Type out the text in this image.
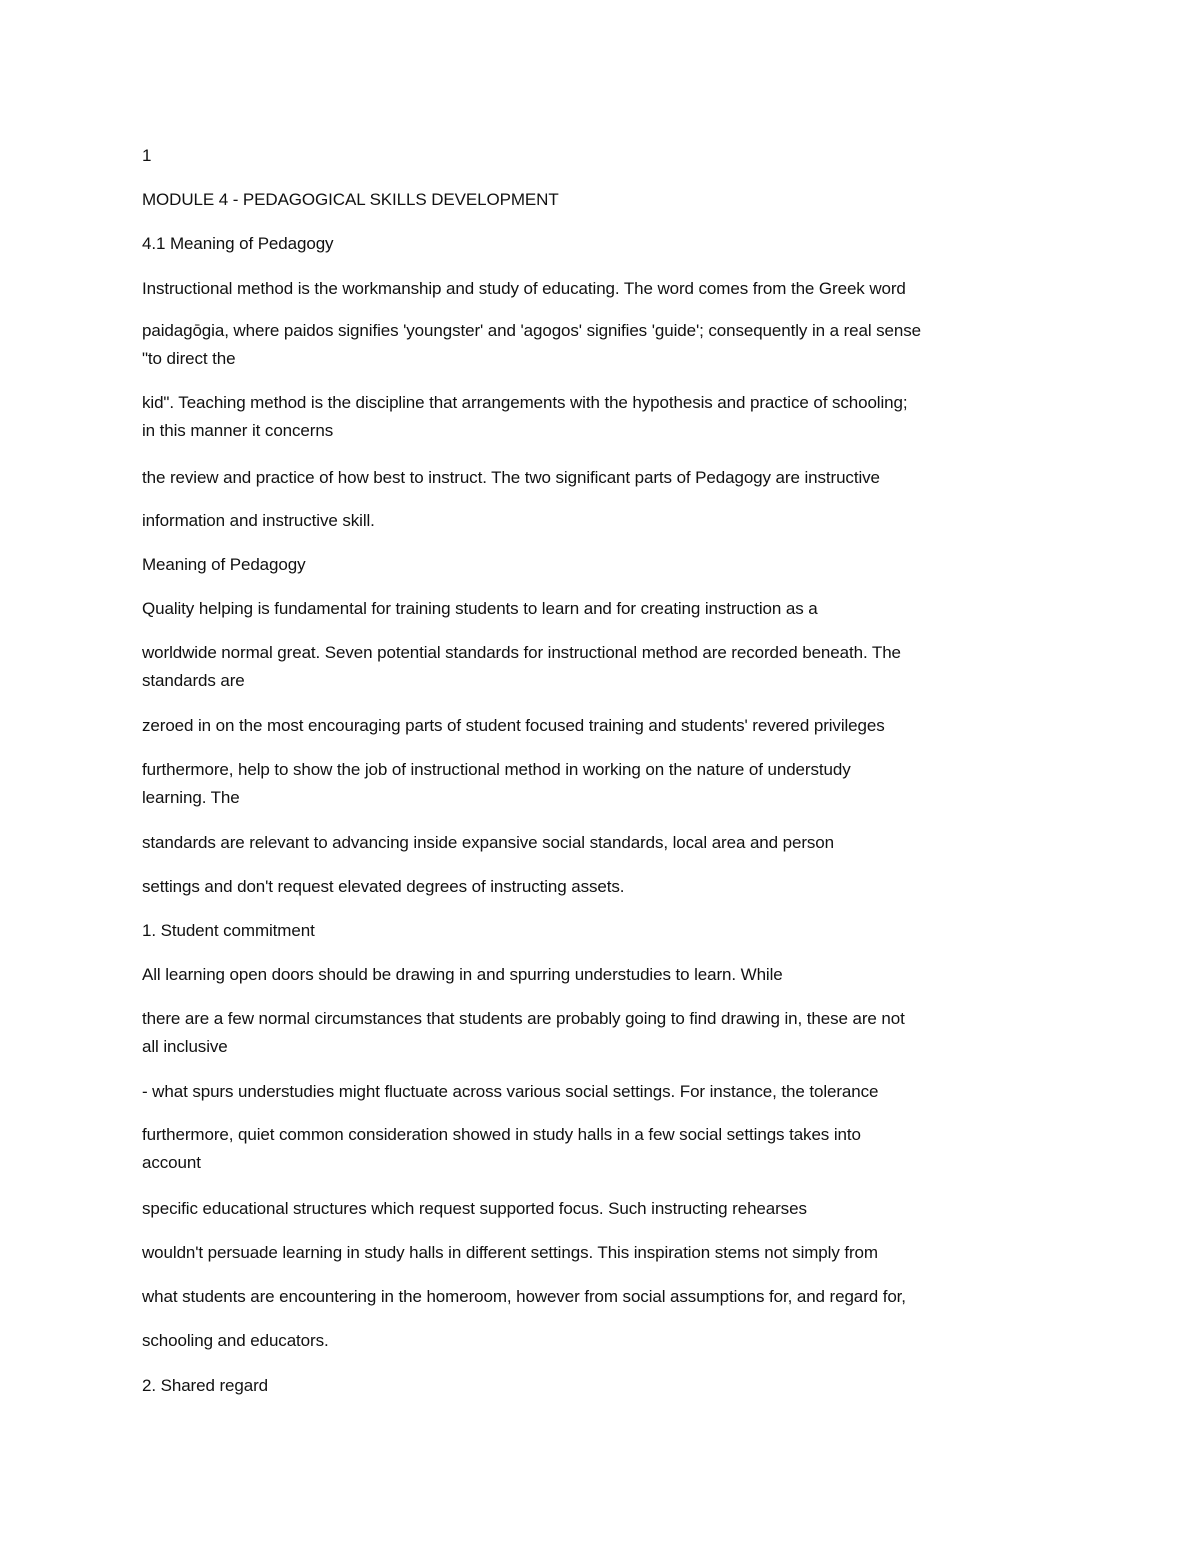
1
MODULE 4 - PEDAGOGICAL SKILLS DEVELOPMENT
4.1 Meaning of Pedagogy
Instructional method is the workmanship and study of educating. The word comes from the Greek word
paidagōgia, where paidos signifies 'youngster' and 'agogos' signifies 'guide'; consequently in a real sense
"to direct the
kid". Teaching method is the discipline that arrangements with the hypothesis and practice of schooling;
in this manner it concerns
the review and practice of how best to instruct. The two significant parts of Pedagogy are instructive
information and instructive skill.
Meaning of Pedagogy
Quality helping is fundamental for training students to learn and for creating instruction as a
worldwide normal great. Seven potential standards for instructional method are recorded beneath. The
standards are
zeroed in on the most encouraging parts of student focused training and students' revered privileges
furthermore, help to show the job of instructional method in working on the nature of understudy
learning. The
standards are relevant to advancing inside expansive social standards, local area and person
settings and don't request elevated degrees of instructing assets.
1. Student commitment
All learning open doors should be drawing in and spurring understudies to learn. While
there are a few normal circumstances that students are probably going to find drawing in, these are not
all inclusive
- what spurs understudies might fluctuate across various social settings. For instance, the tolerance
furthermore, quiet common consideration showed in study halls in a few social settings takes into
account
specific educational structures which request supported focus. Such instructing rehearses
wouldn't persuade learning in study halls in different settings. This inspiration stems not simply from
what students are encountering in the homeroom, however from social assumptions for, and regard for,
schooling and educators.
2. Shared regard
